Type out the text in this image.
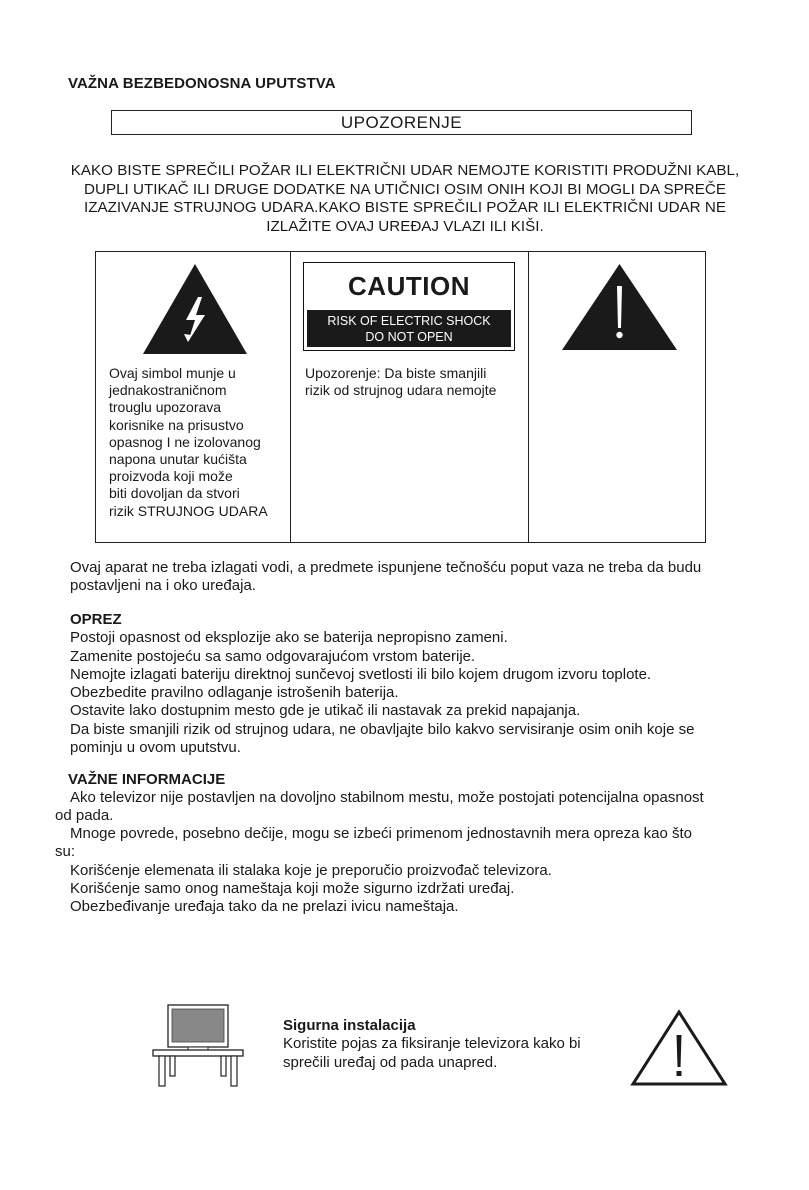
VAŽNA BEZBEDONOSNA UPUTSTVA
UPOZORENJE
KAKO BISTE SPREČILI POŽAR ILI ELEKTRIČNI UDAR NEMOJTE KORISTITI PRODUŽNI KABL,
DUPLI UTIKAČ ILI DRUGE DODATKE NA UTIČNICI OSIM ONIH KOJI BI MOGLI DA SPREČE
IZAZIVANJE STRUJNOG UDARA.KAKO BISTE SPREČILI POŽAR ILI ELEKTRIČNI UDAR NE
IZLAŽITE OVAJ UREĐAJ VLAZI ILI KIŠI.
Ovaj simbol munje u
jednakostraničnom
trouglu upozorava
korisnike na prisustvo
opasnog I ne izolovanog
napona unutar kućišta
proizvoda koji može
biti dovoljan da stvori
rizik STRUJNOG UDARA
CAUTION
RISK OF ELECTRIC SHOCK
DO NOT OPEN
Upozorenje: Da biste smanjili
rizik od strujnog udara nemojte
Ovaj aparat ne treba izlagati vodi, a predmete ispunjene tečnošću poput vaza ne treba da budu
postavljeni na i oko uređaja.
OPREZ
Postoji opasnost od eksplozije ako se baterija nepropisno zameni.
Zamenite postojeću sa samo odgovarajućom vrstom baterije.
Nemojte izlagati bateriju direktnoj sunčevoj svetlosti ili bilo kojem drugom izvoru toplote.
Obezbedite pravilno odlaganje istrošenih baterija.
Ostavite lako dostupnim mesto gde je utikač ili nastavak za prekid napajanja.
Da biste smanjili rizik od strujnog udara, ne obavljajte bilo kakvo servisiranje osim onih koje se
pominju u ovom uputstvu.
VAŽNE INFORMACIJE
Ako televizor nije postavljen na dovoljno stabilnom mestu, može postojati potencijalna opasnost
od pada.
Mnoge povrede, posebno dečije, mogu se izbeći primenom jednostavnih mera opreza kao što
su:
Korišćenje elemenata ili stalaka koje je preporučio proizvođač televizora.
Korišćenje samo onog nameštaja koji može sigurno izdržati uređaj.
Obezbeđivanje uređaja tako da ne prelazi ivicu nameštaja.
Sigurna instalacija
Koristite pojas za fiksiranje televizora kako bi
sprečili uređaj od pada unapred.
